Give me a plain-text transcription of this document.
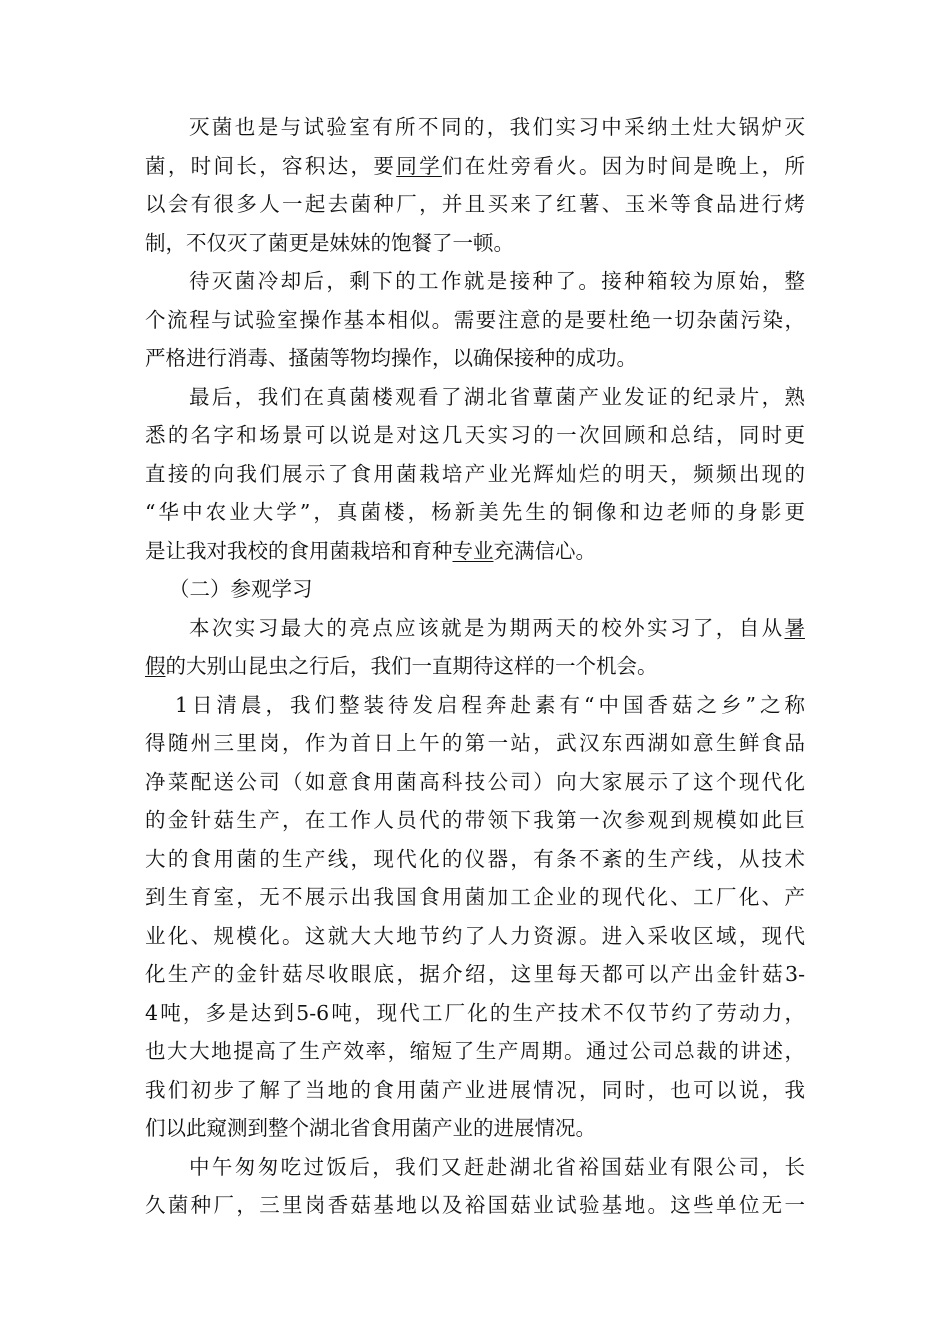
灭菌也是与试验室有所不同的，我们实习中采纳土灶大锅炉灭
菌，时间长，容积达，要同学们在灶旁看火。因为时间是晚上，所
以会有很多人一起去菌种厂，并且买来了红薯、玉米等食品进行烤
制，不仅灭了菌更是妹妹的饱餐了一顿。
待灭菌冷却后，剩下的工作就是接种了。接种箱较为原始，整
个流程与试验室操作基本相似。需要注意的是要杜绝一切杂菌污染，
严格进行消毒、搔菌等物均操作，以确保接种的成功。
最后，我们在真菌楼观看了湖北省蕈菌产业发证的纪录片，熟
悉的名字和场景可以说是对这几天实习的一次回顾和总结，同时更
直接的向我们展示了食用菌栽培产业光辉灿烂的明天，频频出现的
“华中农业大学”，真菌楼，杨新美先生的铜像和边老师的身影更
是让我对我校的食用菌栽培和育种专业充满信心。
（二）参观学习
本次实习最大的亮点应该就是为期两天的校外实习了，自从暑
假的大别山昆虫之行后，我们一直期待这样的一个机会。
1日清晨，我们整装待发启程奔赴素有“中国香菇之乡”之称
得随州三里岗，作为首日上午的第一站，武汉东西湖如意生鲜食品
净菜配送公司（如意食用菌高科技公司）向大家展示了这个现代化
的金针菇生产，在工作人员代的带领下我第一次参观到规模如此巨
大的食用菌的生产线，现代化的仪器，有条不紊的生产线，从技术
到生育室，无不展示出我国食用菌加工企业的现代化、工厂化、产
业化、规模化。这就大大地节约了人力资源。进入采收区域，现代
化生产的金针菇尽收眼底，据介绍，这里每天都可以产出金针菇3-
4吨，多是达到5-6吨，现代工厂化的生产技术不仅节约了劳动力，
也大大地提高了生产效率，缩短了生产周期。通过公司总裁的讲述，
我们初步了解了当地的食用菌产业进展情况，同时，也可以说，我
们以此窥测到整个湖北省食用菌产业的进展情况。
中午匆匆吃过饭后，我们又赶赴湖北省裕国菇业有限公司，长
久菌种厂，三里岗香菇基地以及裕国菇业试验基地。这些单位无一
